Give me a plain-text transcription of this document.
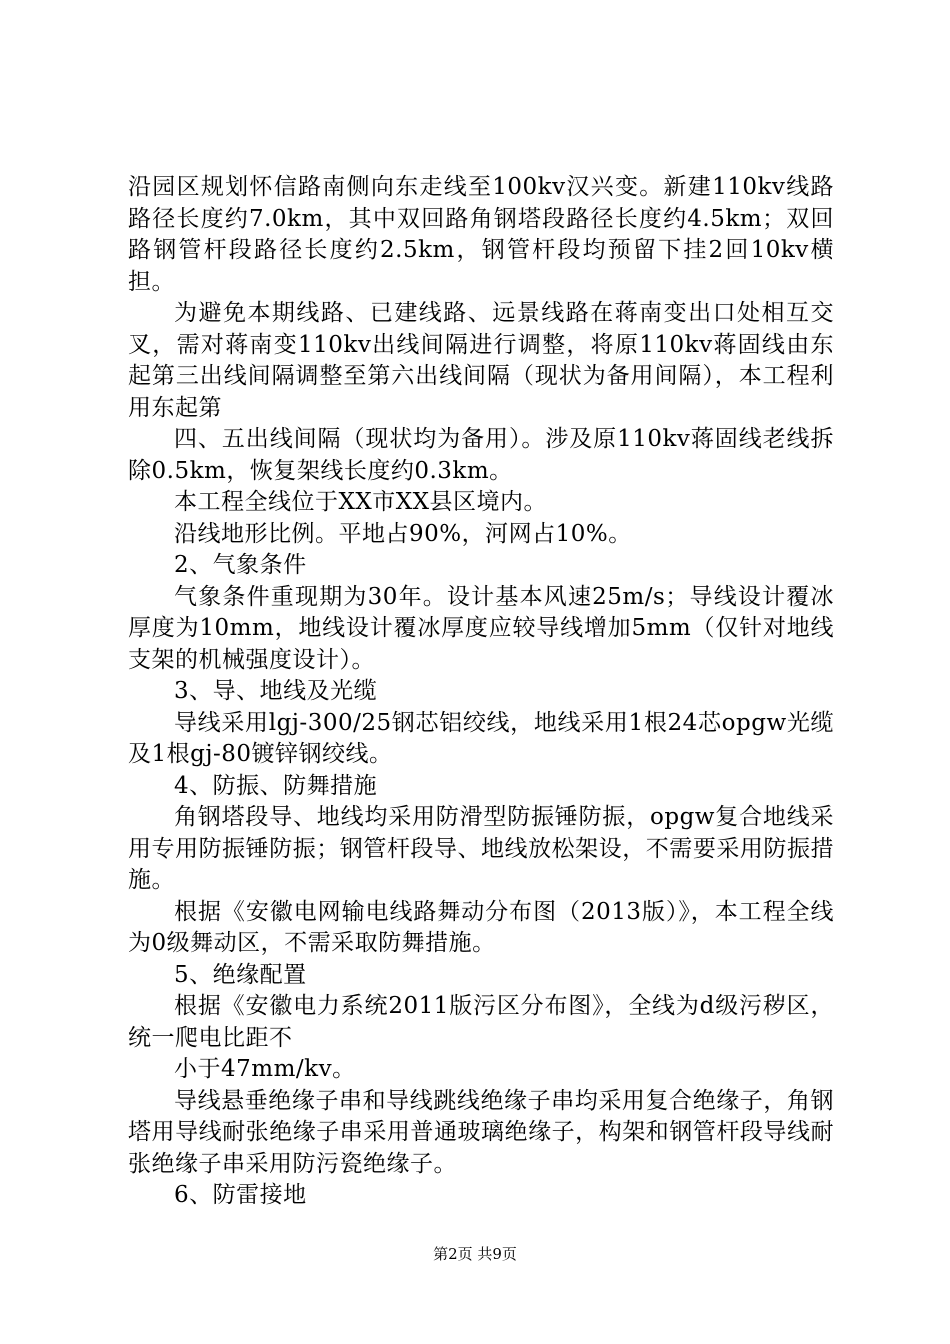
沿园区规划怀信路南侧向东走线至100kv汉兴变。新建110kv线路路径长度约7.0km，其中双回路角钢塔段路径长度约4.5km；双回路钢管杆段路径长度约2.5km，钢管杆段均预留下挂2回10kv横担。

为避免本期线路、已建线路、远景线路在蒋南变出口处相互交叉，需对蒋南变110kv出线间隔进行调整，将原110kv蒋固线由东起第三出线间隔调整至第六出线间隔（现状为备用间隔），本工程利用东起第

四、五出线间隔（现状均为备用）。涉及原110kv蒋固线老线拆除0.5km，恢复架线长度约0.3km。

本工程全线位于XX市XX县区境内。

沿线地形比例。平地占90%，河网占10%。

2、气象条件

气象条件重现期为30年。设计基本风速25m/s；导线设计覆冰厚度为10mm，地线设计覆冰厚度应较导线增加5mm（仅针对地线支架的机械强度设计）。

3、导、地线及光缆

导线采用lgj-300/25钢芯铝绞线，地线采用1根24芯opgw光缆及1根gj-80镀锌钢绞线。

4、防振、防舞措施

角钢塔段导、地线均采用防滑型防振锤防振，opgw复合地线采用专用防振锤防振；钢管杆段导、地线放松架设，不需要采用防振措施。

根据《安徽电网输电线路舞动分布图（2013版）》，本工程全线为0级舞动区，不需采取防舞措施。

5、绝缘配置

根据《安徽电力系统2011版污区分布图》，全线为d级污秽区，统一爬电比距不

小于47mm/kv。

导线悬垂绝缘子串和导线跳线绝缘子串均采用复合绝缘子，角钢塔用导线耐张绝缘子串采用普通玻璃绝缘子，构架和钢管杆段导线耐张绝缘子串采用防污瓷绝缘子。

6、防雷接地

第2页 共9页
